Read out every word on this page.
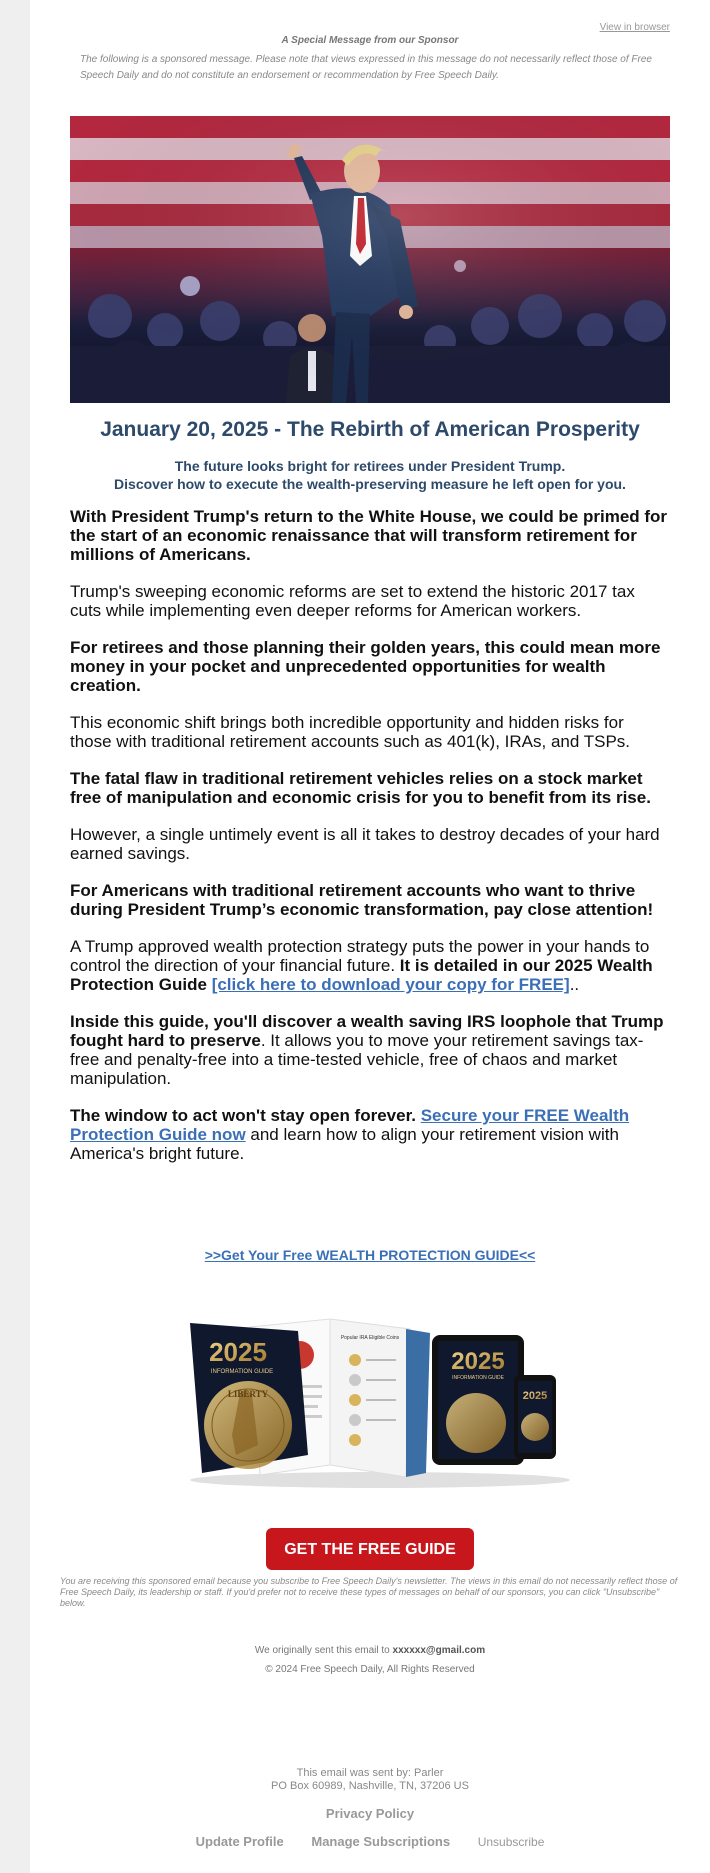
View in browser
A Special Message from our Sponsor
The following is a sponsored message. Please note that views expressed in this message do not necessarily reflect those of Free Speech Daily and do not constitute an endorsement or recommendation by Free Speech Daily.
January 20, 2025 - The Rebirth of American Prosperity
The future looks bright for retirees under President Trump.
Discover how to execute the wealth-preserving measure he left open for you.

With President Trump's return to the White House, we could be primed for the start of an economic renaissance that will transform retirement for millions of Americans.

Trump's sweeping economic reforms are set to extend the historic 2017 tax cuts while implementing even deeper reforms for American workers.

For retirees and those planning their golden years, this could mean more money in your pocket and unprecedented opportunities for wealth creation.

This economic shift brings both incredible opportunity and hidden risks for those with traditional retirement accounts such as 401(k), IRAs, and TSPs.

The fatal flaw in traditional retirement vehicles relies on a stock market free of manipulation and economic crisis for you to benefit from its rise.

However, a single untimely event is all it takes to destroy decades of your hard earned savings.

For Americans with traditional retirement accounts who want to thrive during President Trump’s economic transformation, pay close attention!

A Trump approved wealth protection strategy puts the power in your hands to control the direction of your financial future. It is detailed in our 2025 Wealth Protection Guide [click here to download your copy for FREE]..

Inside this guide, you'll discover a wealth saving IRS loophole that Trump fought hard to preserve. It allows you to move your retirement savings tax-free and penalty-free into a time-tested vehicle, free of chaos and market manipulation.

The window to act won't stay open forever. Secure your FREE Wealth Protection Guide now and learn how to align your retirement vision with America's bright future.

>>Get Your Free WEALTH PROTECTION GUIDE<<
Popular IRA Eligible Coins
2025
INFORMATION GUIDE
LIBERTY
2025
INFORMATION GUIDE
2025
GET THE FREE GUIDE
You are receiving this sponsored email because you subscribe to Free Speech Daily's newsletter. The views in this email do not necessarily reflect those of Free Speech Daily, its leadership or staff. If you'd prefer not to receive these types of messages on behalf of our sponsors, you can click "Unsubscribe" below.
We originally sent this email to xxxxxx@gmail.com
© 2024 Free Speech Daily, All Rights Reserved
This email was sent by: Parler
PO Box 60989, Nashville, TN, 37206 US
Privacy Policy
Update Profile Manage Subscriptions Unsubscribe
